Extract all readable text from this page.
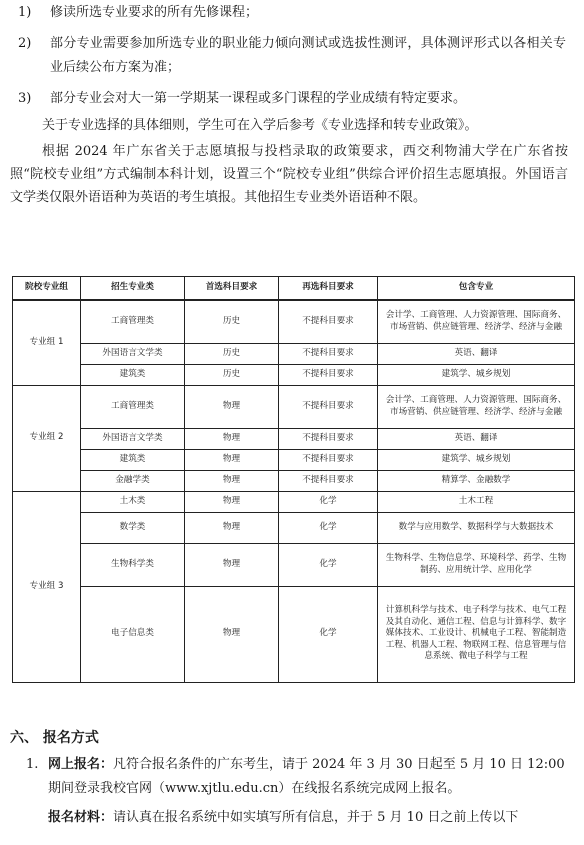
1) 修读所选专业要求的所有先修课程；
2) 部分专业需要参加所选专业的职业能力倾向测试或选拔性测评，具体测评形式以各相关专业后续公布方案为准；
3) 部分专业会对大一第一学期某一课程或多门课程的学业成绩有特定要求。
关于专业选择的具体细则，学生可在入学后参考《专业选择和转专业政策》。
根据 2024 年广东省关于志愿填报与投档录取的政策要求，西交利物浦大学在广东省按照“院校专业组”方式编制本科计划，设置三个“院校专业组”供综合评价招生志愿填报。外国语言文学类仅限外语语种为英语的考生填报。其他招生专业类外语语种不限。
院校专业组	招生专业类	首选科目要求	再选科目要求	包含专业
专业组 1	工商管理类	历史	不提科目要求	会计学、工商管理、人力资源管理、国际商务、市场营销、供应链管理、经济学、经济与金融
	外国语言文学类	历史	不提科目要求	英语、翻译
	建筑类	历史	不提科目要求	建筑学、城乡规划
专业组 2	工商管理类	物理	不提科目要求	会计学、工商管理、人力资源管理、国际商务、市场营销、供应链管理、经济学、经济与金融
	外国语言文学类	物理	不提科目要求	英语、翻译
	建筑类	物理	不提科目要求	建筑学、城乡规划
	金融学类	物理	不提科目要求	精算学、金融数学
专业组 3	土木类	物理	化学	土木工程
	数学类	物理	化学	数学与应用数学、数据科学与大数据技术
	生物科学类	物理	化学	生物科学、生物信息学、环境科学、药学、生物制药、应用统计学、应用化学
	电子信息类	物理	化学	计算机科学与技术、电子科学与技术、电气工程及其自动化、通信工程、信息与计算科学、数字媒体技术、工业设计、机械电子工程、智能制造工程、机器人工程、物联网工程、信息管理与信息系统、微电子科学与工程
六、 报名方式
1. 网上报名：凡符合报名条件的广东考生，请于 2024 年 3 月 30 日起至 5 月 10 日 12:00 期间登录我校官网（www.xjtlu.edu.cn）在线报名系统完成网上报名。
报名材料：请认真在报名系统中如实填写所有信息，并于 5 月 10 日之前上传以下
